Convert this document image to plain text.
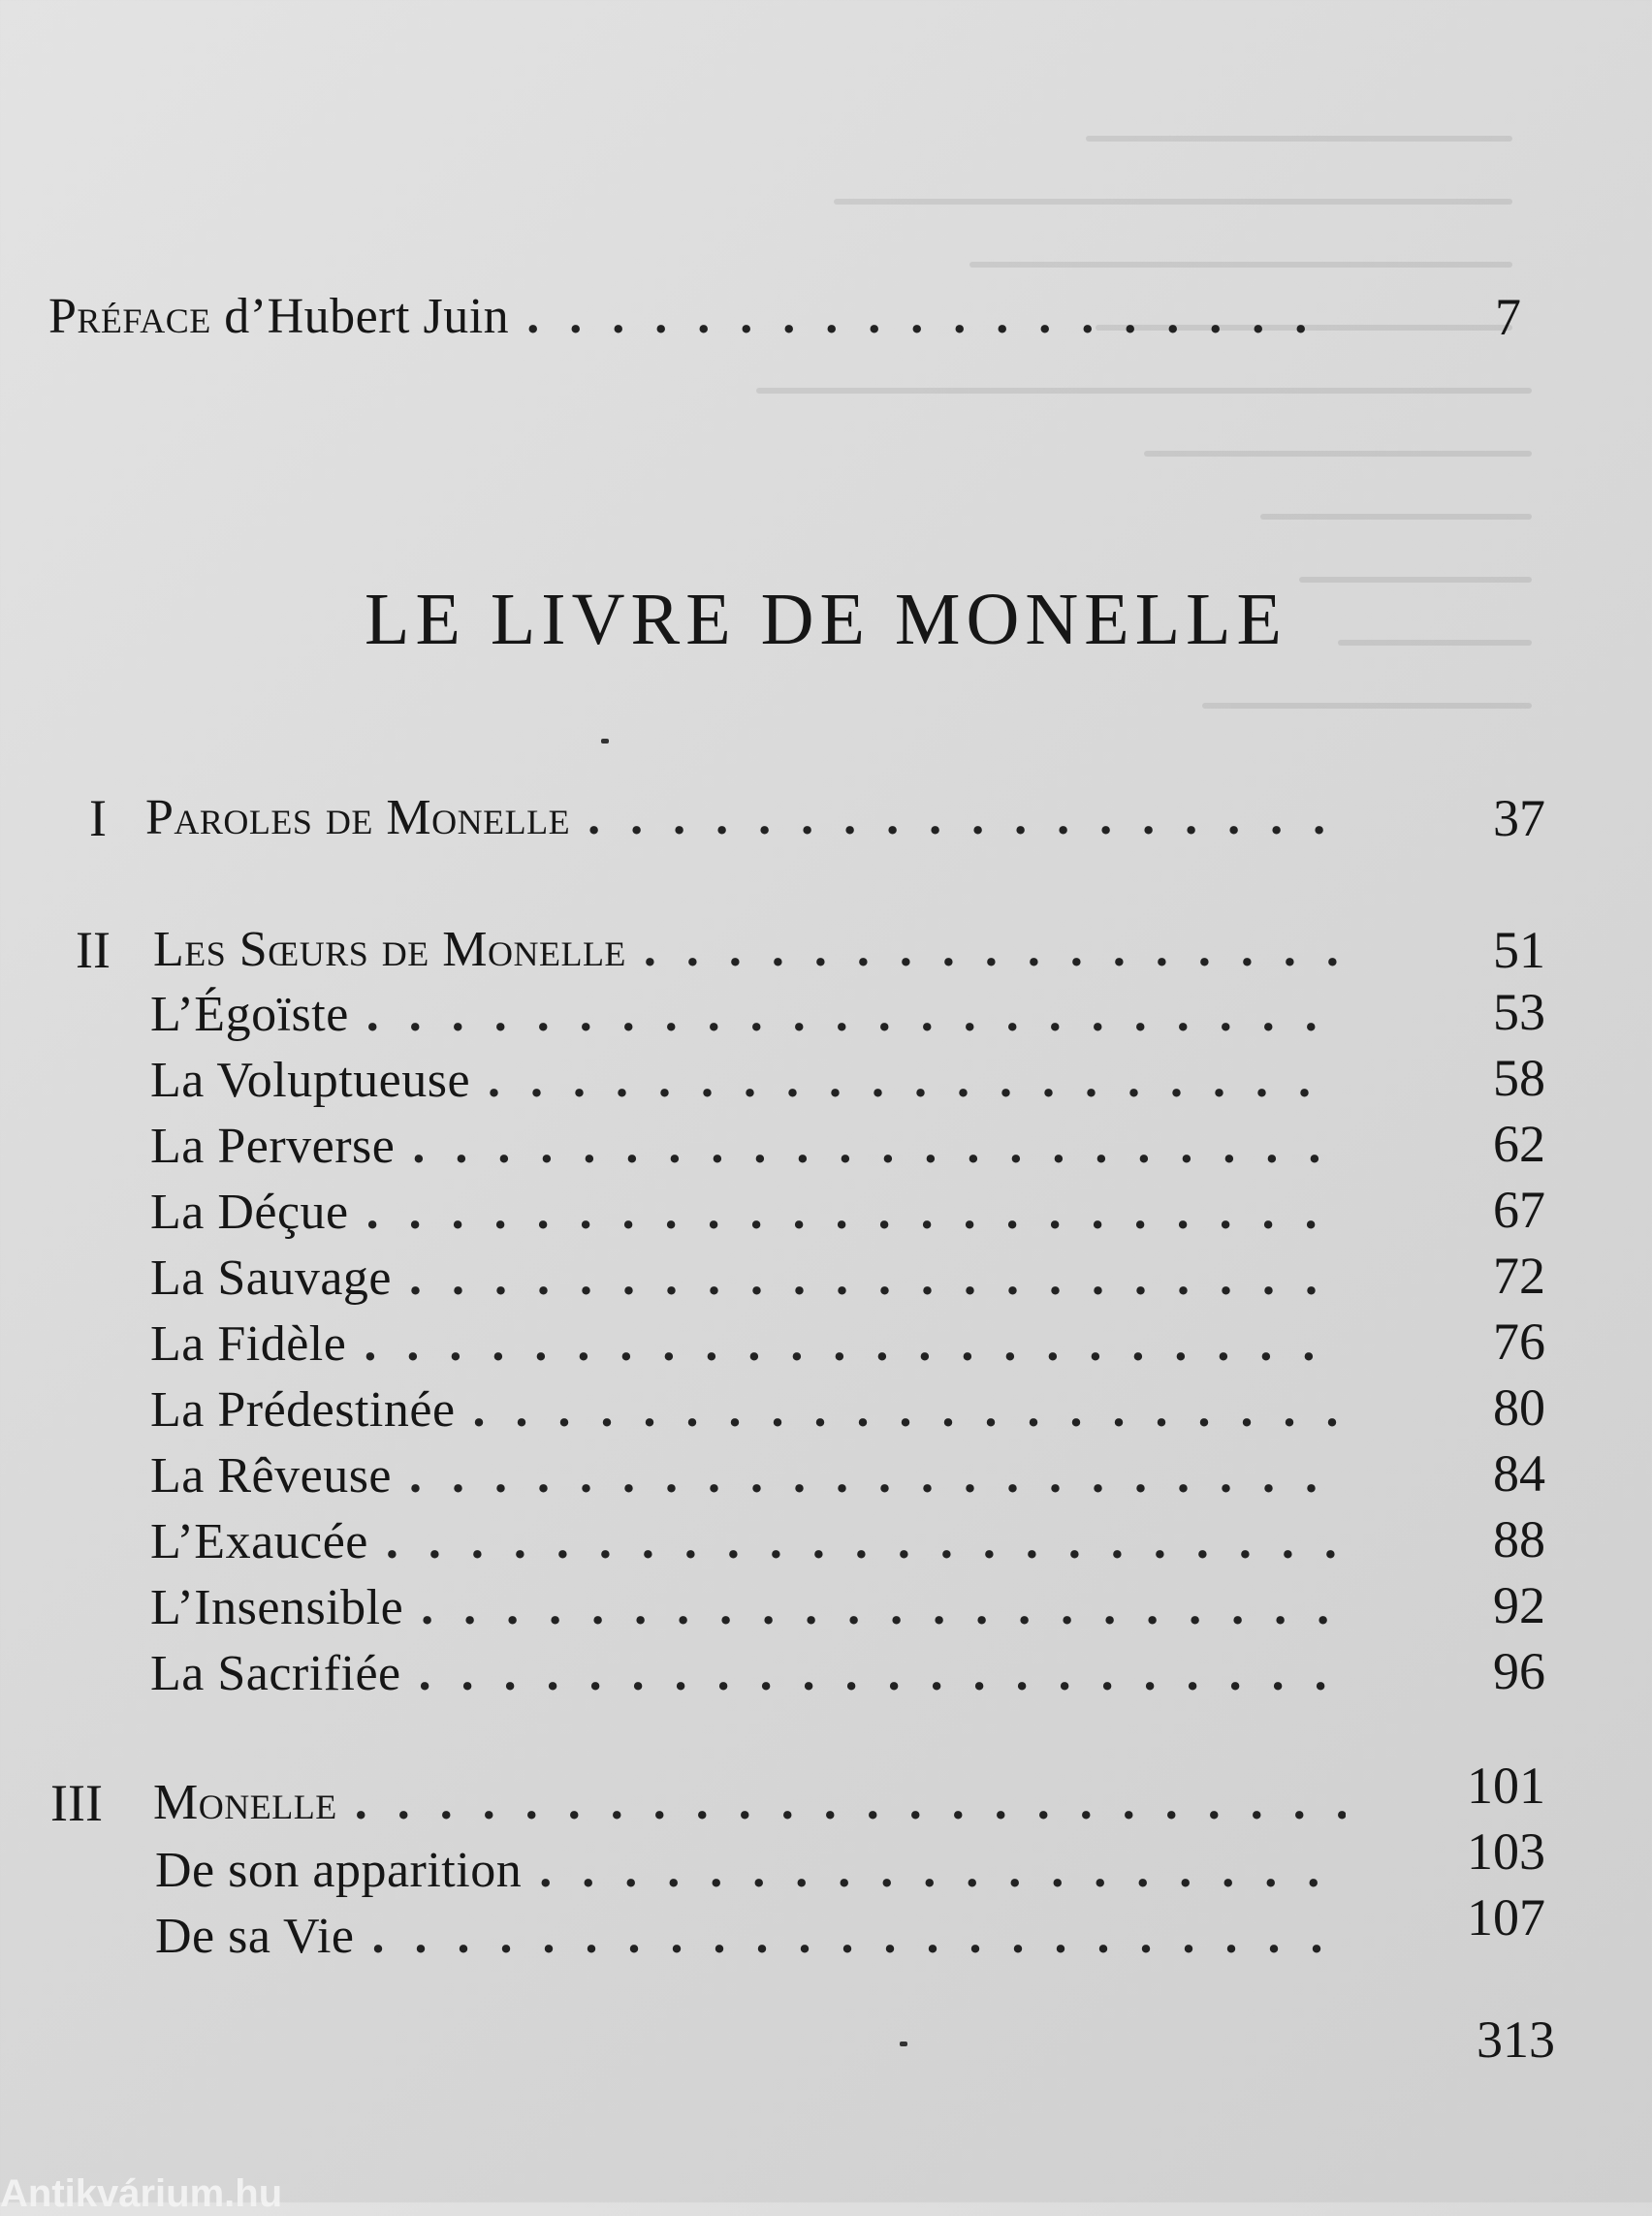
Préface d’Hubert Juin . . .	7
LE LIVRE DE MONELLE
I Paroles de Monelle . . .	37
II Les Sœurs de Monelle . . .	51
L’Égoïste . . .	53
La Voluptueuse . . .	58
La Perverse . . .	62
La Déçue . . .	67
La Sauvage . . .	72
La Fidèle . . .	76
La Prédestinée . . .	80
La Rêveuse . . .	84
L’Exaucée . . .	88
L’Insensible . . .	92
La Sacrifiée . . .	96
III Monelle . . .	101
De son apparition . . .	103
De sa Vie . . .	107
313
Antikvárium.hu
